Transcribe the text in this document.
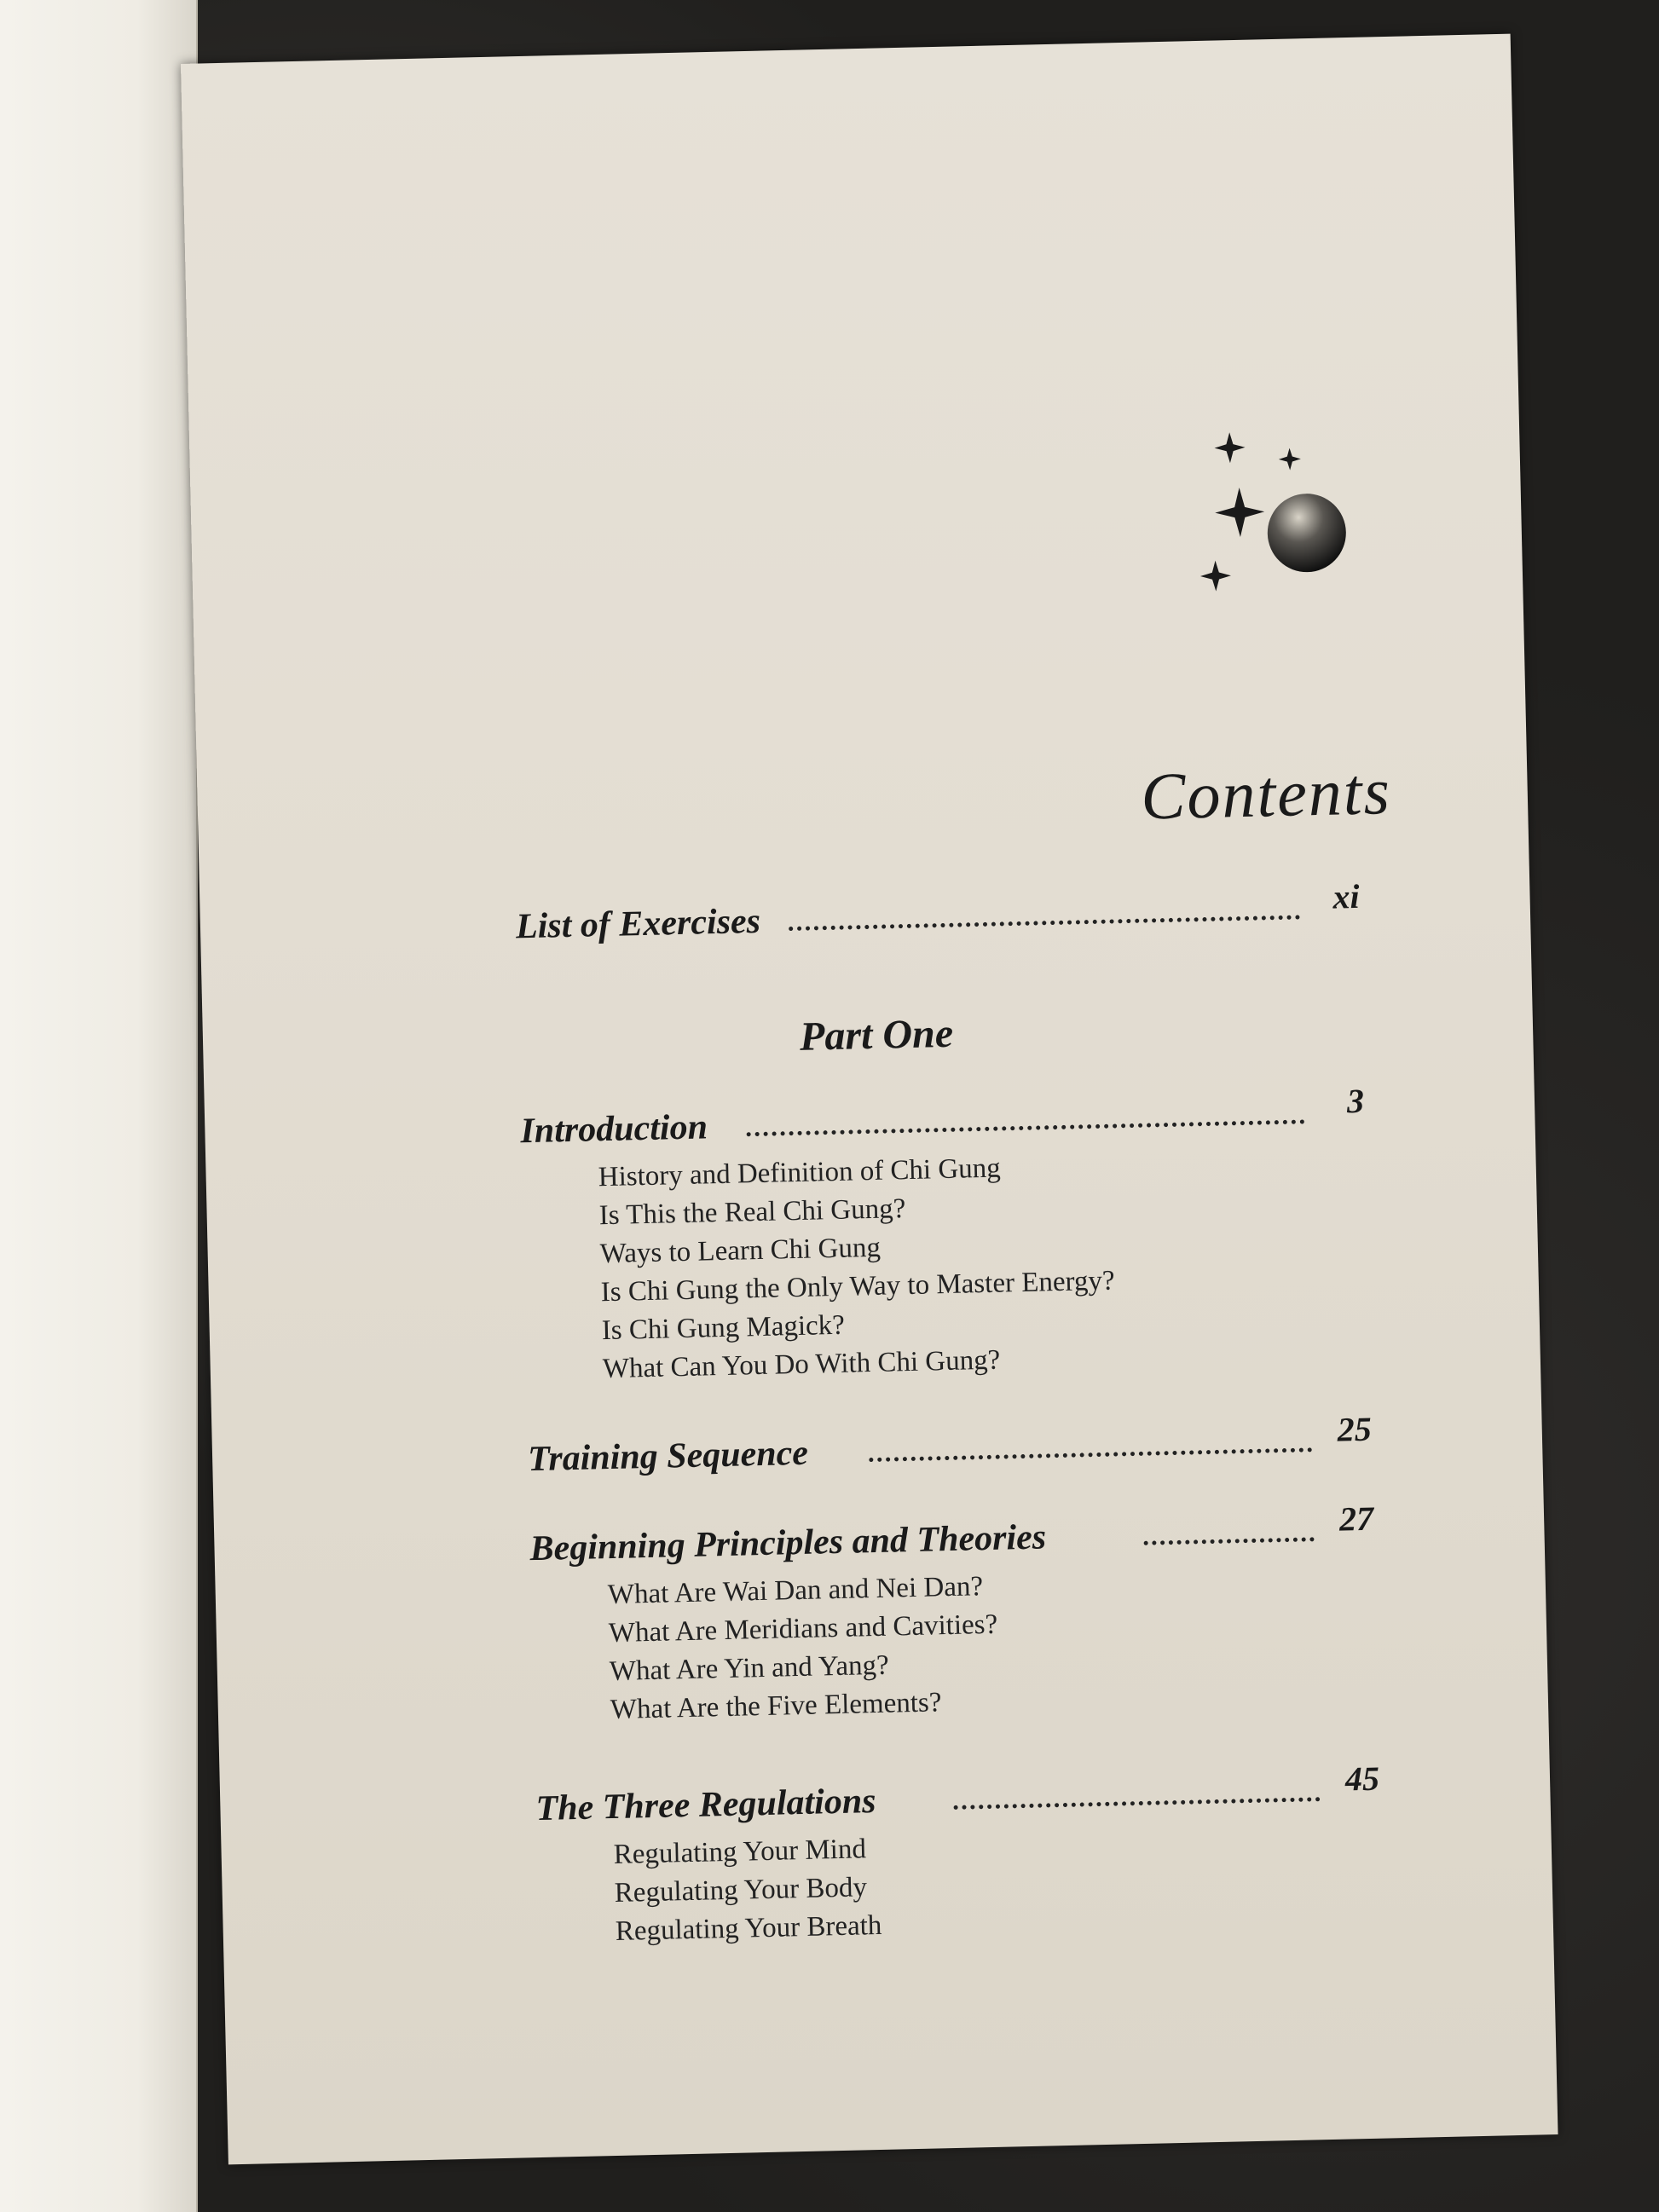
Contents
List of Exercises
xi
Part One
Introduction
3
History and Definition of Chi Gung
Is This the Real Chi Gung?
Ways to Learn Chi Gung
Is Chi Gung the Only Way to Master Energy?
Is Chi Gung Magick?
What Can You Do With Chi Gung?
Training Sequence
25
Beginning Principles and Theories	27
What Are Wai Dan and Nei Dan?
What Are Meridians and Cavities?
What Are Yin and Yang?
What Are the Five Elements?
The Three Regulations
45
Regulating Your Mind
Regulating Your Body
Regulating Your Breath
